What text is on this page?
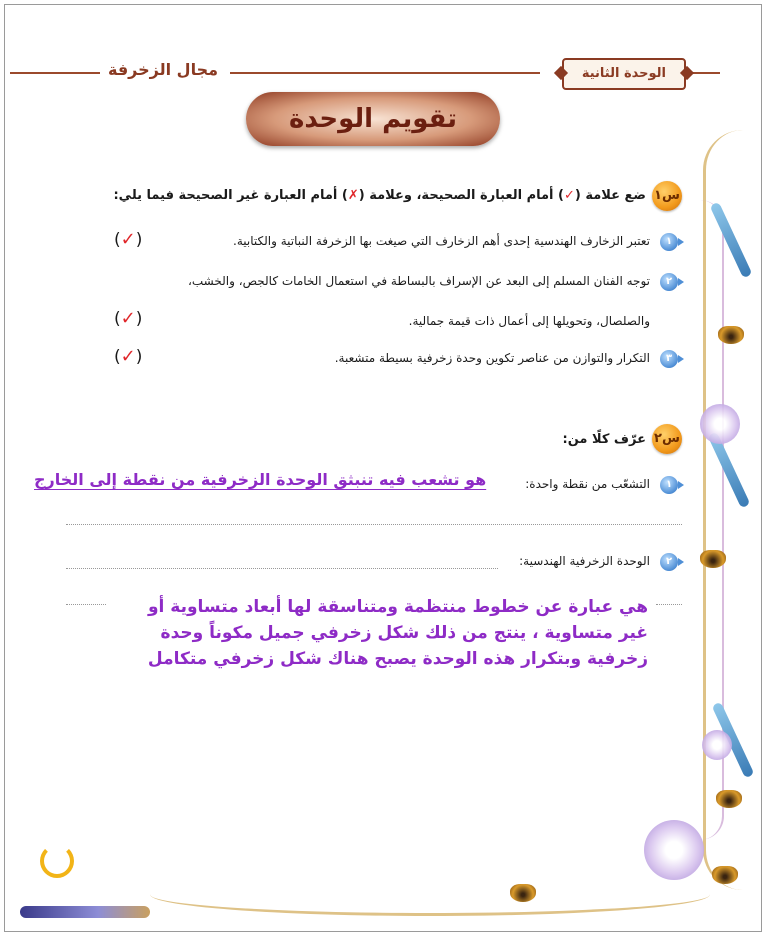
الوحدة الثانية
مجال الزخرفة
تقويم الوحدة
س١
ضع علامة (✓) أمام العبارة الصحيحة، وعلامة (✗) أمام العبارة غير الصحيحة فيما يلي:
١
تعتبر الزخارف الهندسية إحدى أهم الزخارف التي صيغت بها الزخرفة النباتية والكتابية.
(✓)
٢
توجه الفنان المسلم إلى البعد عن الإسراف بالبساطة في استعمال الخامات كالجص، والخشب،
والصلصال، وتحويلها إلى أعمال ذات قيمة جمالية.
(✓)
٣
التكرار والتوازن من عناصر تكوين وحدة زخرفية بسيطة متشعبة.
(✓)
س٢
عرّف كلًا من:
١
التشعّب من نقطة واحدة:
هو تشعب فيه تنبثق الوحدة الزخرفية من نقطة إلى الخارج
٢
الوحدة الزخرفية الهندسية:
هي عبارة عن خطوط منتظمة ومتناسقة لها أبعاد متساوية أو غير متساوية ، ينتج من ذلك شكل زخرفي جميل مكوناً وحدة زخرفية وبتكرار هذه الوحدة يصبح هناك شكل زخرفي متكامل
